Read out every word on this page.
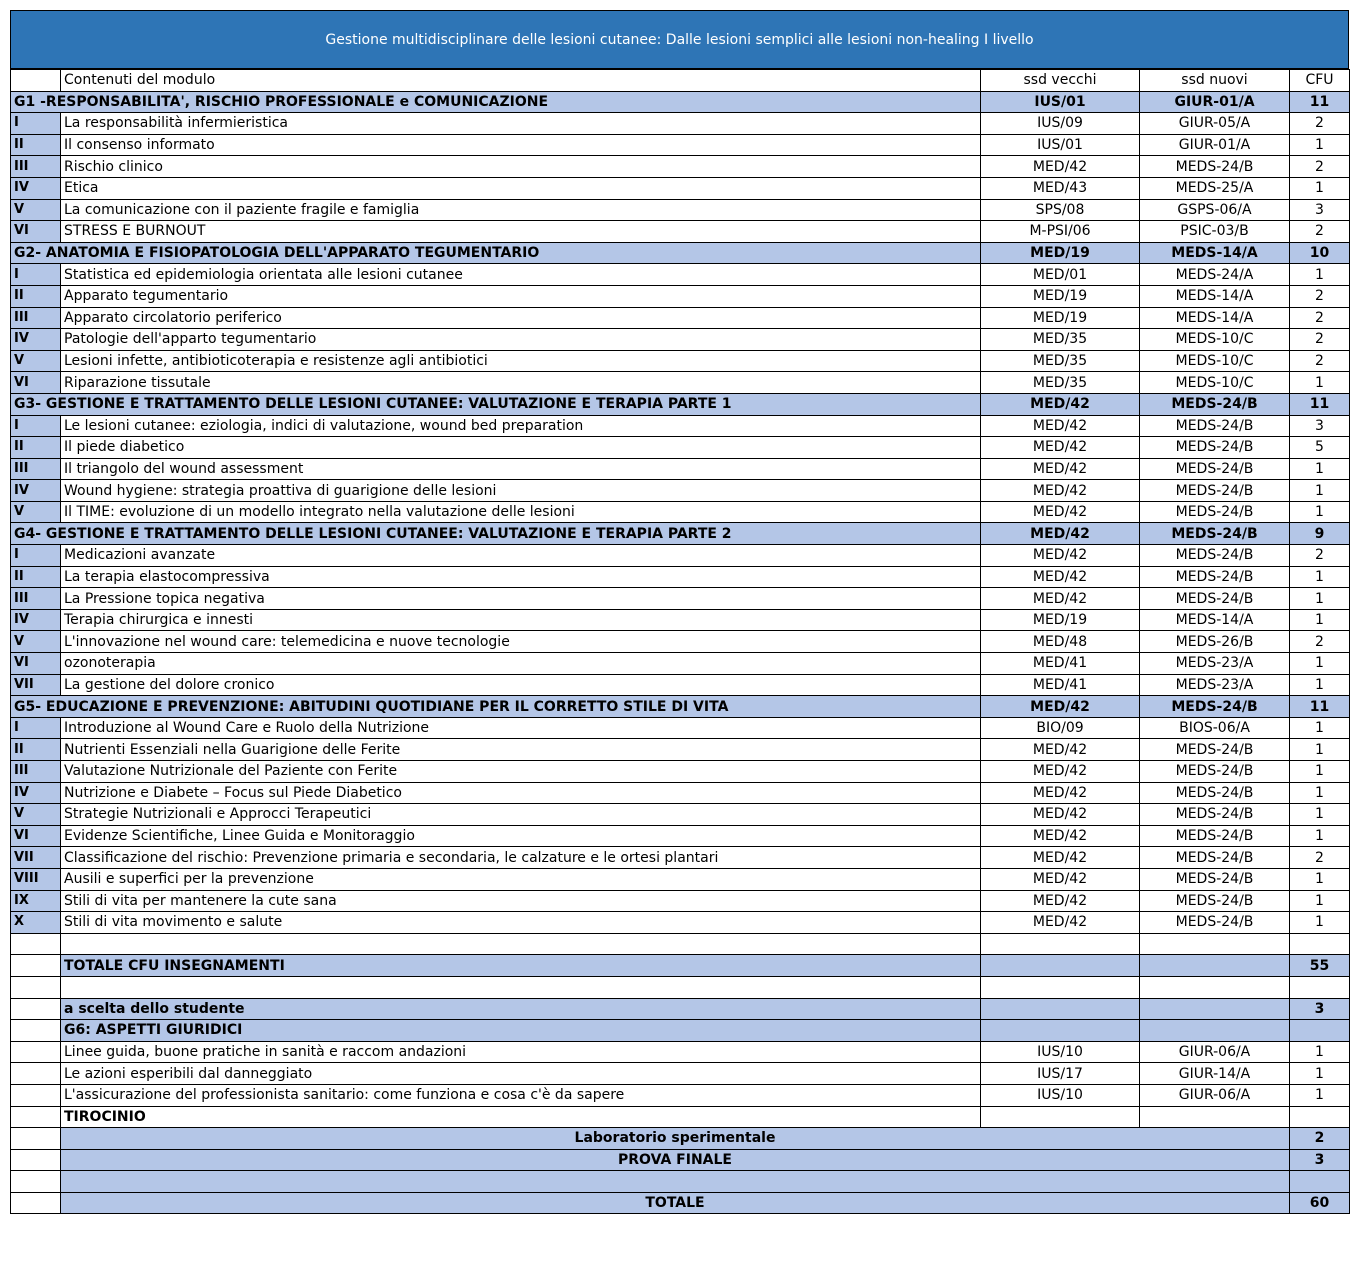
Gestione multidisciplinare delle lesioni cutanee: Dalle lesioni semplici alle lesioni non-healing I livello
	Contenuti del modulo	ssd vecchi	ssd nuovi	CFU
G1 -RESPONSABILITA', RISCHIO PROFESSIONALE e COMUNICAZIONE		IUS/01	GIUR-01/A	11
I	La responsabilità infermieristica	IUS/09	GIUR-05/A	2
II	Il consenso informato	IUS/01	GIUR-01/A	1
III	Rischio clinico	MED/42	MEDS-24/B	2
IV	Etica	MED/43	MEDS-25/A	1
V	La comunicazione con il paziente fragile e famiglia	SPS/08	GSPS-06/A	3
VI	STRESS E BURNOUT	M-PSI/06	PSIC-03/B	2
G2- ANATOMIA E FISIOPATOLOGIA DELL'APPARATO TEGUMENTARIO		MED/19	MEDS-14/A	10
I	Statistica ed epidemiologia orientata alle lesioni cutanee	MED/01	MEDS-24/A	1
II	Apparato tegumentario	MED/19	MEDS-14/A	2
III	Apparato circolatorio periferico	MED/19	MEDS-14/A	2
IV	Patologie dell'apparto tegumentario	MED/35	MEDS-10/C	2
V	Lesioni infette, antibioticoterapia e resistenze agli antibiotici	MED/35	MEDS-10/C	2
VI	Riparazione tissutale	MED/35	MEDS-10/C	1
G3- GESTIONE E TRATTAMENTO DELLE LESIONI CUTANEE: VALUTAZIONE E TERAPIA PARTE 1		MED/42	MEDS-24/B	11
I	Le lesioni cutanee: eziologia, indici di valutazione, wound bed preparation	MED/42	MEDS-24/B	3
II	Il piede diabetico	MED/42	MEDS-24/B	5
III	Il triangolo del wound assessment	MED/42	MEDS-24/B	1
IV	Wound hygiene: strategia proattiva di guarigione delle lesioni	MED/42	MEDS-24/B	1
V	Il TIME: evoluzione di un modello integrato nella valutazione delle lesioni	MED/42	MEDS-24/B	1
G4- GESTIONE E TRATTAMENTO DELLE LESIONI CUTANEE: VALUTAZIONE E TERAPIA PARTE 2		MED/42	MEDS-24/B	9
I	Medicazioni avanzate	MED/42	MEDS-24/B	2
II	La terapia elastocompressiva	MED/42	MEDS-24/B	1
III	La Pressione topica negativa	MED/42	MEDS-24/B	1
IV	Terapia chirurgica e innesti	MED/19	MEDS-14/A	1
V	L'innovazione nel wound care: telemedicina e nuove tecnologie	MED/48	MEDS-26/B	2
VI	ozonoterapia	MED/41	MEDS-23/A	1
VII	La gestione del dolore cronico	MED/41	MEDS-23/A	1
G5- EDUCAZIONE E PREVENZIONE: ABITUDINI QUOTIDIANE PER IL CORRETTO STILE DI VITA		MED/42	MEDS-24/B	11
I	Introduzione al Wound Care e Ruolo della Nutrizione	BIO/09	BIOS-06/A	1
II	Nutrienti Essenziali nella Guarigione delle Ferite	MED/42	MEDS-24/B	1
III	Valutazione Nutrizionale del Paziente con Ferite	MED/42	MEDS-24/B	1
IV	Nutrizione e Diabete – Focus sul Piede Diabetico	MED/42	MEDS-24/B	1
V	Strategie Nutrizionali e Approcci Terapeutici	MED/42	MEDS-24/B	1
VI	Evidenze Scientifiche, Linee Guida e Monitoraggio	MED/42	MEDS-24/B	1
VII	Classificazione del rischio: Prevenzione primaria e secondaria, le calzature e le ortesi plantari	MED/42	MEDS-24/B	2
VIII	Ausili e superfici per la prevenzione	MED/42	MEDS-24/B	1
IX	Stili di vita per mantenere la cute sana	MED/42	MEDS-24/B	1
X	Stili di vita movimento e salute	MED/42	MEDS-24/B	1

	TOTALE CFU INSEGNAMENTI			55

	a scelta dello studente			3
	G6: ASPETTI GIURIDICI			
	Linee guida, buone pratiche in sanità e raccom andazioni	IUS/10	GIUR-06/A	1
	Le azioni esperibili dal danneggiato	IUS/17	GIUR-14/A	1
	L'assicurazione del professionista sanitario: come funziona e cosa c'è da sapere	IUS/10	GIUR-06/A	1
	TIROCINIO			
	Laboratorio sperimentale			2
	PROVA FINALE			3

	TOTALE			60
